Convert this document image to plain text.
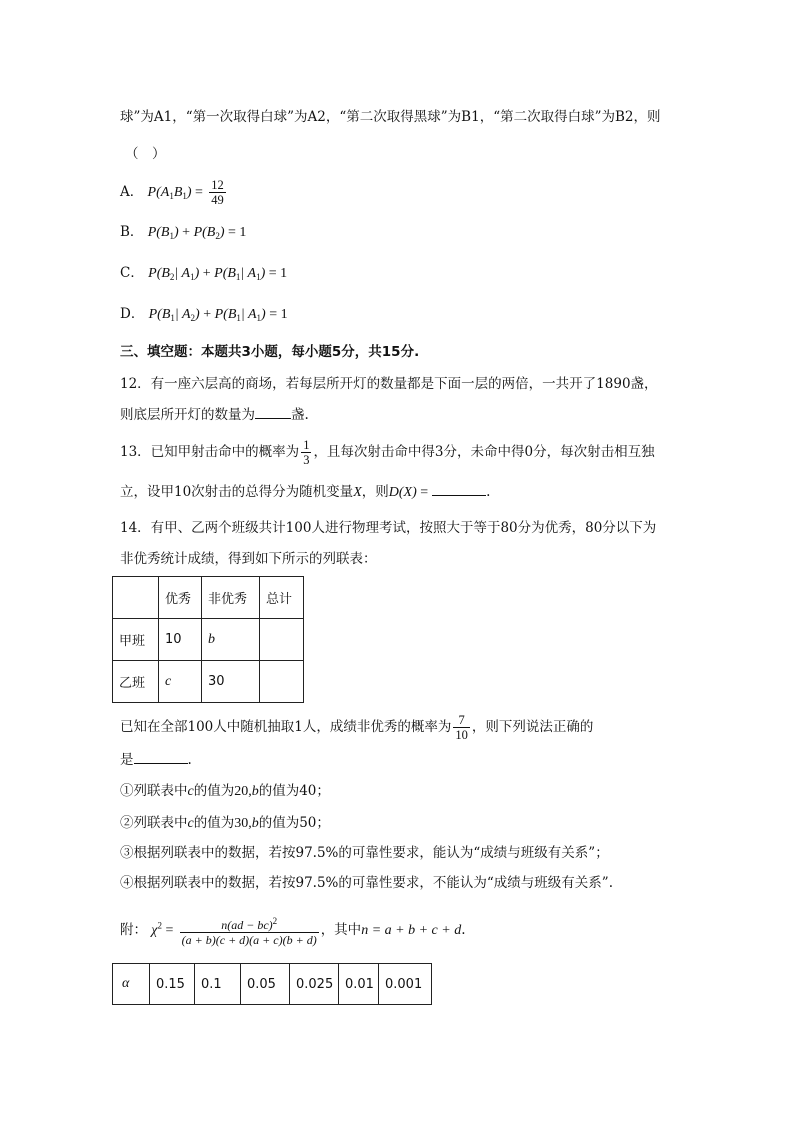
球”为A1，“第一次取得白球”为A2，“第二次取得黑球”为B1，“第二次取得白球”为B2，则
（　）
A． $P(A_1B_1) = \frac{12}{49}$
B． $P(B_1) + P(B_2) = 1$
C． $P(B_2|$ $A_1) + P(B_1|$ $A_1) = 1$
D． $P(B_1|$ $A_2) + P(B_1|$ $A_1) = 1$
三、填空题：本题共3小题，每小题5分，共15分.
12．有一座六层高的商场，若每层所开灯的数量都是下面一层的两倍，一共开了1890盏，
则底层所开灯的数量为	盏.
13．已知甲射击命中的概率为 $\frac{1}{3}$ ，且每次射击命中得3分，未命中得0分，每次射击相互独
立，设甲10次射击的总得分为随机变量X，则D(X) =	.
14．有甲、乙两个班级共计100人进行物理考试，按照大于等于80分为优秀，80分以下为
非优秀统计成绩，得到如下所示的列联表：
	优秀	非优秀	总计
甲班	10	b	
乙班	c	30	
已知在全部100人中随机抽取1人，成绩非优秀的概率为 $\frac{7}{10}$ ，则下列说法正确的
是	.
①列联表中c的值为20,b的值为40；
②列联表中c的值为30,b的值为50；
③根据列联表中的数据，若按97.5%的可靠性要求，能认为“成绩与班级有关系”；
④根据列联表中的数据，若按97.5%的可靠性要求，不能认为“成绩与班级有关系”.
附： $\chi^2 = \frac{n(ad - bc)^2}{(a + b)(c + d)(a + c)(b + d)}$ ，其中n = a + b + c + d.
α	0.15	0.1	0.05	0.025	0.01	0.001
